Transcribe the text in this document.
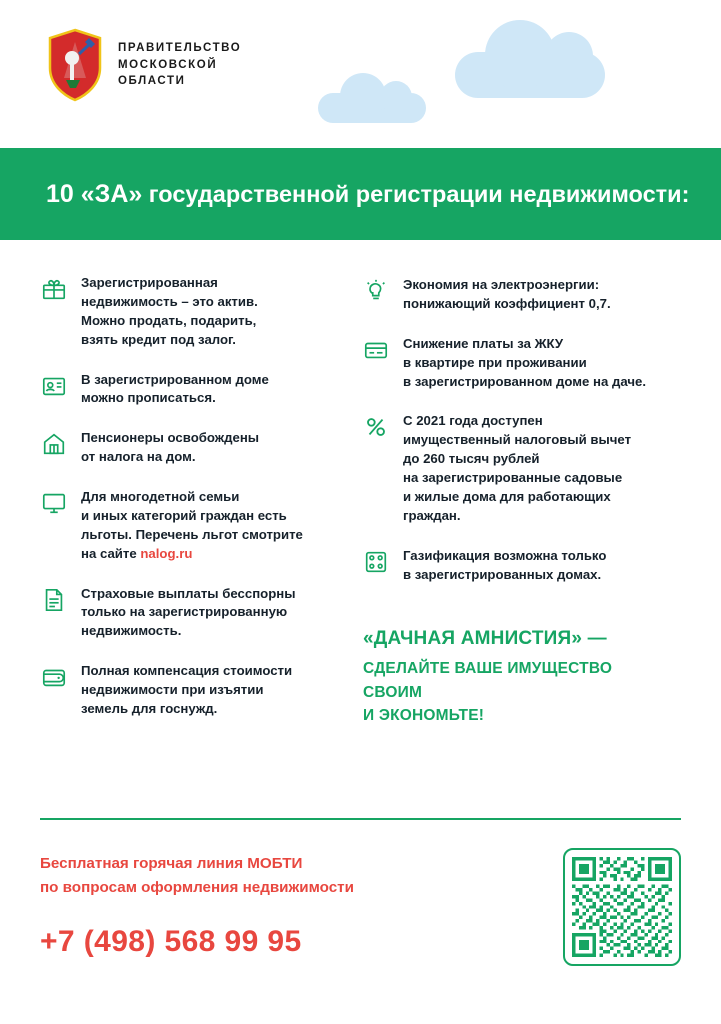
ПРАВИТЕЛЬСТВО
МОСКОВСКОЙ
ОБЛАСТИ
10 «ЗА» государственной регистрации недвижимости:
Зарегистрированная
недвижимость – это актив.
Можно продать, подарить,
взять кредит под залог.
В зарегистрированном доме
можно прописаться.
Пенсионеры освобождены
от налога на дом.
Для многодетной семьи
и иных категорий граждан есть
льготы. Перечень льгот смотрите
на сайте nalog.ru
Страховые выплаты бесспорны
только на зарегистрированную
недвижимость.
Полная компенсация стоимости
недвижимости при изъятии
земель для госнужд.
Экономия на электроэнергии:
понижающий коэффициент 0,7.
Снижение платы за ЖКУ
в квартире при проживании
в зарегистрированном доме на даче.
С 2021 года доступен
имущественный налоговый вычет
до 260 тысяч рублей
на зарегистрированные садовые
и жилые дома для работающих
граждан.
Газификация возможна только
в зарегистрированных домах.
«ДАЧНАЯ АМНИСТИЯ» —
СДЕЛАЙТЕ ВАШЕ ИМУЩЕСТВО СВОИМ
И ЭКОНОМЬТЕ!
Бесплатная горячая линия МОБТИ
по вопросам оформления недвижимости
+7 (498) 568 99 95
